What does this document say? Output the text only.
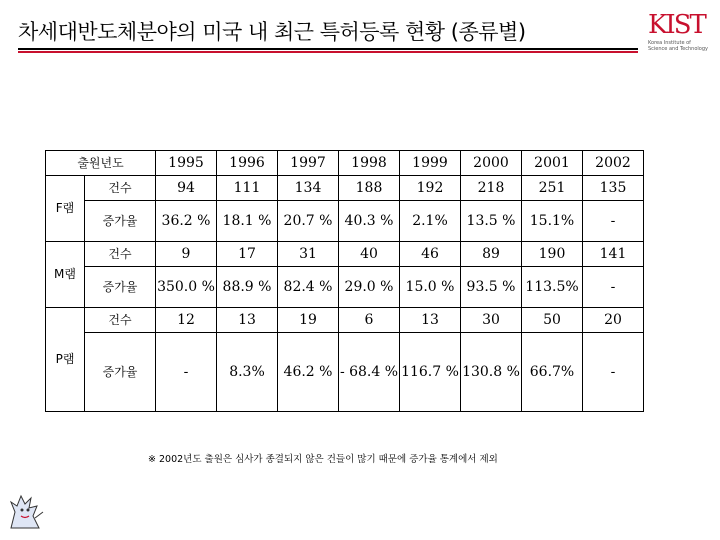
차세대반도체분야의 미국 내 최근 특허등록 현황 (종류별)	KIST
Korea Institute of Science and Technology
출원년도		1995	1996	1997	1998	1999	2000	2001	2002
F램	건수	94	111	134	188	192	218	251	135
	증가율	36.2 %	18.1 %	20.7 %	40.3 %	2.1%	13.5 %	15.1%	-
M램	건수	9	17	31	40	46	89	190	141
	증가율	350.0 %	88.9 %	82.4 %	29.0 %	15.0 %	93.5 %	113.5%	-
P램	건수	12	13	19	6	13	30	50	20
	증가율	-	8.3%	46.2 %	- 68.4 %	116.7 %	130.8 %	66.7%	-
※ 2002년도 출원은 심사가 종결되지 않은 건들이 많기 때문에 증가율 통계에서 제외
